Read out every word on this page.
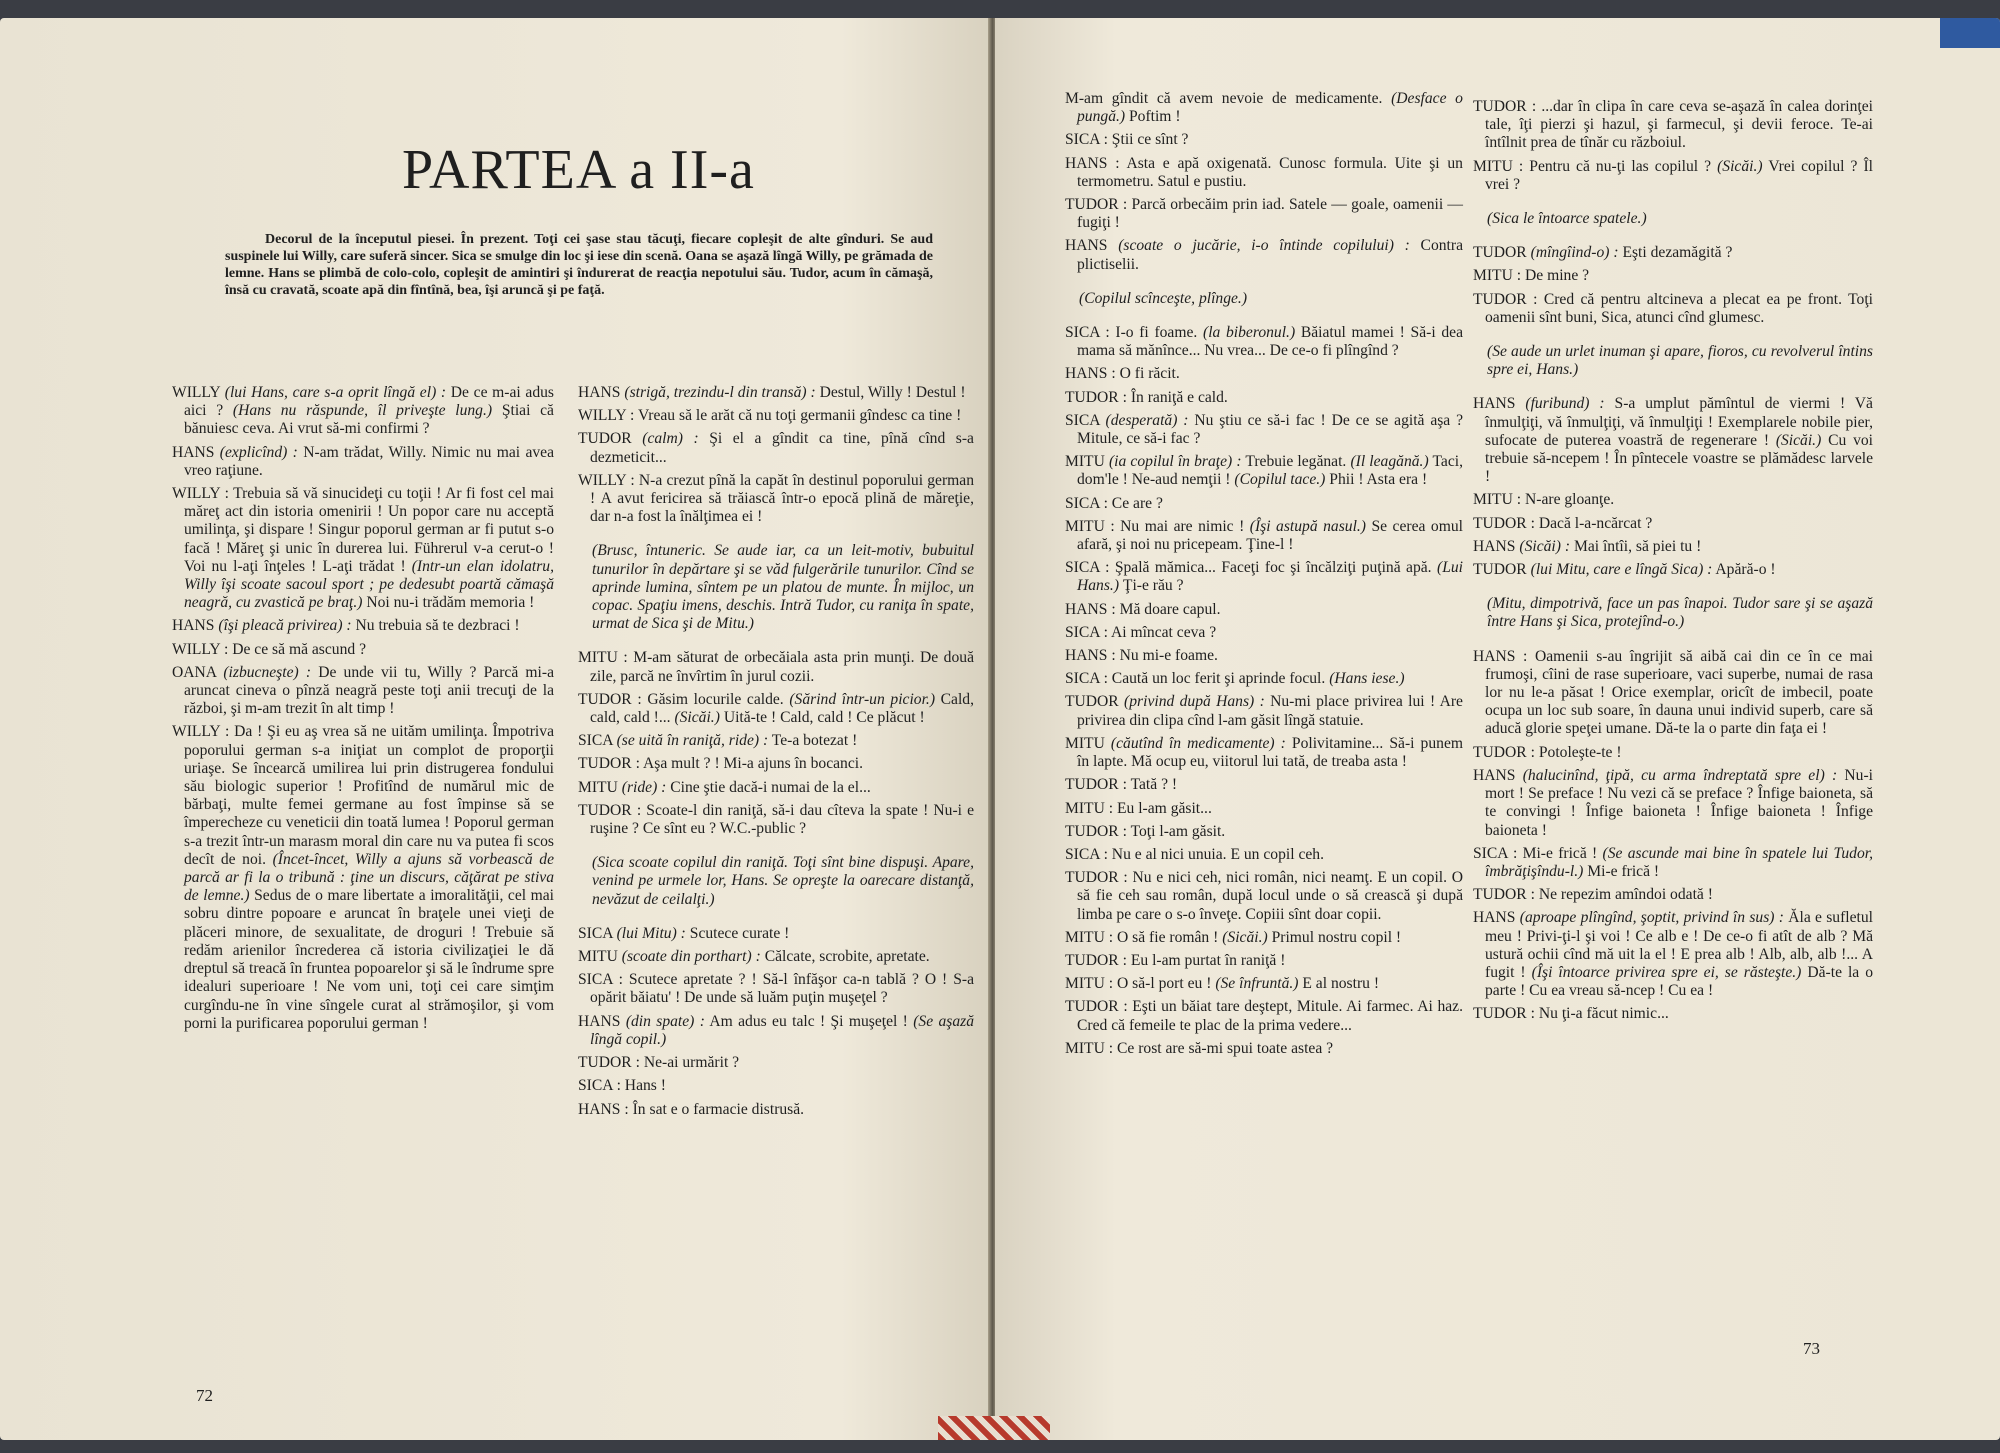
PARTEA a II-a

Decorul de la începutul piesei. În prezent. Toţi cei şase stau tăcuţi, fiecare copleşit de alte gînduri. Se aud suspinele lui Willy, care suferă sincer. Sica se smulge din loc şi iese din scenă. Oana se aşază lîngă Willy, pe grămada de lemne. Hans se plimbă de colo-colo, copleşit de amintiri şi îndurerat de reacţia nepotului său. Tudor, acum în cămaşă, însă cu cravată, scoate apă din fîntînă, bea, îşi aruncă şi pe faţă.

WILLY (lui Hans, care s-a oprit lîngă el) : De ce m-ai adus aici ? (Hans nu răspunde, îl priveşte lung.) Ştiai că bănuiesc ceva. Ai vrut să-mi confirmi ?

HANS (explicînd) : N-am trădat, Willy. Nimic nu mai avea vreo raţiune.

WILLY : Trebuia să vă sinucideţi cu toţii ! Ar fi fost cel mai măreţ act din istoria omenirii ! Un popor care nu acceptă umilinţa, şi dispare ! Singur poporul german ar fi putut s-o facă ! Măreţ şi unic în durerea lui. Führerul v-a cerut-o ! Voi nu l-aţi înţeles ! L-aţi trădat ! (Intr-un elan idolatru, Willy îşi scoate sacoul sport ; pe dedesubt poartă cămaşă neagră, cu zvastică pe braţ.) Noi nu-i trădăm memoria !

HANS (îşi pleacă privirea) : Nu trebuia să te dezbraci !

WILLY : De ce să mă ascund ?

OANA (izbucneşte) : De unde vii tu, Willy ? Parcă mi-a aruncat cineva o pînză neagră peste toţi anii trecuţi de la război, şi m-am trezit în alt timp !

WILLY : Da ! Şi eu aş vrea să ne uităm umilinţa. Împotriva poporului german s-a iniţiat un complot de proporţii uriaşe. Se încearcă umilirea lui prin distrugerea fondului său biologic superior ! Profitînd de numărul mic de bărbaţi, multe femei germane au fost împinse să se împerecheze cu veneticii din toată lumea ! Poporul german s-a trezit într-un marasm moral din care nu va putea fi scos decît de noi. (Încet-încet, Willy a ajuns să vorbească de parcă ar fi la o tribună : ţine un discurs, căţărat pe stiva de lemne.) Sedus de o mare libertate a imoralităţii, cel mai sobru dintre popoare e aruncat în braţele unei vieţi de plăceri minore, de sexualitate, de droguri ! Trebuie să redăm arienilor încrederea că istoria civilizaţiei le dă dreptul să treacă în fruntea popoarelor şi să le îndrume spre idealuri superioare ! Ne vom uni, toţi cei care simţim curgîndu-ne în vine sîngele curat al strămoşilor, şi vom porni la purificarea poporului german !

HANS (strigă, trezindu-l din transă) : Destul, Willy ! Destul !

WILLY : Vreau să le arăt că nu toţi germanii gîndesc ca tine !

TUDOR (calm) : Şi el a gîndit ca tine, pînă cînd s-a dezmeticit...

WILLY : N-a crezut pînă la capăt în destinul poporului german ! A avut fericirea să trăiască într-o epocă plină de măreţie, dar n-a fost la înălţimea ei !

(Brusc, întuneric. Se aude iar, ca un leit-motiv, bubuitul tunurilor în depărtare şi se văd fulgerările tunurilor. Cînd se aprinde lumina, sîntem pe un platou de munte. În mijloc, un copac. Spaţiu imens, deschis. Intră Tudor, cu raniţa în spate, urmat de Sica şi de Mitu.)

MITU : M-am săturat de orbecăiala asta prin munţi. De două zile, parcă ne învîrtim în jurul cozii.

TUDOR : Găsim locurile calde. (Sărind într-un picior.) Cald, cald, cald !... (Sicăi.) Uită-te ! Cald, cald ! Ce plăcut !

SICA (se uită în raniţă, ride) : Te-a botezat !

TUDOR : Aşa mult ? ! Mi-a ajuns în bocanci.

MITU (ride) : Cine ştie dacă-i numai de la el...

TUDOR : Scoate-l din raniţă, să-i dau cîteva la spate ! Nu-i e ruşine ? Ce sînt eu ? W.C.-public ?

(Sica scoate copilul din raniţă. Toţi sînt bine dispuşi. Apare, venind pe urmele lor, Hans. Se opreşte la oarecare distanţă, nevăzut de ceilalţi.)

SICA (lui Mitu) : Scutece curate !

MITU (scoate din porthart) : Călcate, scrobite, apretate.

SICA : Scutece apretate ? ! Să-l înfăşor ca-n tablă ? O ! S-a opărit băiatu' ! De unde să luăm puţin muşeţel ?

HANS (din spate) : Am adus eu talc ! Şi muşeţel ! (Se aşază lîngă copil.)

TUDOR : Ne-ai urmărit ?

SICA : Hans !

HANS : În sat e o farmacie distrusă.

72

M-am gîndit că avem nevoie de medicamente. (Desface o pungă.) Poftim !

SICA : Ştii ce sînt ?

HANS : Asta e apă oxigenată. Cunosc formula. Uite şi un termometru. Satul e pustiu.

TUDOR : Parcă orbecăim prin iad. Satele — goale, oamenii — fugiţi !

HANS (scoate o jucărie, i-o întinde copilului) : Contra plictiselii.

(Copilul scînceşte, plînge.)

SICA : I-o fi foame. (la biberonul.) Băiatul mamei ! Să-i dea mama să mănînce... Nu vrea... De ce-o fi plîngînd ?

HANS : O fi răcit.

TUDOR : În raniţă e cald.

SICA (desperată) : Nu ştiu ce să-i fac ! De ce se agită aşa ? Mitule, ce să-i fac ?

MITU (ia copilul în braţe) : Trebuie legănat. (Il leagănă.) Taci, dom'le ! Ne-aud nemţii ! (Copilul tace.) Phii ! Asta era !

SICA : Ce are ?

MITU : Nu mai are nimic ! (Îşi astupă nasul.) Se cerea omul afară, şi noi nu pricepeam. Ţine-l !

SICA : Şpală mămica... Faceţi foc şi încălziţi puţină apă. (Lui Hans.) Ţi-e rău ?

HANS : Mă doare capul.

SICA : Ai mîncat ceva ?

HANS : Nu mi-e foame.

SICA : Caută un loc ferit şi aprinde focul. (Hans iese.)

TUDOR (privind după Hans) : Nu-mi place privirea lui ! Are privirea din clipa cînd l-am găsit lîngă statuie.

MITU (căutînd în medicamente) : Polivitamine... Să-i punem în lapte. Mă ocup eu, viitorul lui tată, de treaba asta !

TUDOR : Tată ? !

MITU : Eu l-am găsit...

TUDOR : Toţi l-am găsit.

SICA : Nu e al nici unuia. E un copil ceh.

TUDOR : Nu e nici ceh, nici român, nici neamţ. E un copil. O să fie ceh sau român, după locul unde o să crească şi după limba pe care o s-o înveţe. Copiii sînt doar copii.

MITU : O să fie român ! (Sicăi.) Primul nostru copil !

TUDOR : Eu l-am purtat în raniţă !

MITU : O să-l port eu ! (Se înfruntă.) E al nostru !

TUDOR : Eşti un băiat tare deştept, Mitule. Ai farmec. Ai haz. Cred că femeile te plac de la prima vedere...

MITU : Ce rost are să-mi spui toate astea ?

TUDOR : ...dar în clipa în care ceva se-aşază în calea dorinţei tale, îţi pierzi şi hazul, şi farmecul, şi devii feroce. Te-ai întîlnit prea de tînăr cu războiul.

MITU : Pentru că nu-ţi las copilul ? (Sicăi.) Vrei copilul ? Îl vrei ?

(Sica le întoarce spatele.)

TUDOR (mîngîind-o) : Eşti dezamăgită ?

MITU : De mine ?

TUDOR : Cred că pentru altcineva a plecat ea pe front. Toţi oamenii sînt buni, Sica, atunci cînd glumesc.

(Se aude un urlet inuman şi apare, fioros, cu revolverul întins spre ei, Hans.)

HANS (furibund) : S-a umplut pămîntul de viermi ! Vă înmulţiţi, vă înmulţiţi, vă înmulţiţi ! Exemplarele nobile pier, sufocate de puterea voastră de regenerare ! (Sicăi.) Cu voi trebuie să-ncepem ! În pîntecele voastre se plămădesc larvele !

MITU : N-are gloanţe.

TUDOR : Dacă l-a-ncărcat ?

HANS (Sicăi) : Mai întîi, să piei tu !

TUDOR (lui Mitu, care e lîngă Sica) : Apără-o !

(Mitu, dimpotrivă, face un pas înapoi. Tudor sare şi se aşază între Hans şi Sica, protejînd-o.)

HANS : Oamenii s-au îngrijit să aibă cai din ce în ce mai frumoşi, cîini de rase superioare, vaci superbe, numai de rasa lor nu le-a păsat ! Orice exemplar, oricît de imbecil, poate ocupa un loc sub soare, în dauna unui individ superb, care să aducă glorie speţei umane. Dă-te la o parte din faţa ei !

TUDOR : Potoleşte-te !

HANS (halucinînd, ţipă, cu arma îndreptată spre el) : Nu-i mort ! Se preface ! Nu vezi că se preface ? Înfige baioneta, să te convingi ! Înfige baioneta ! Înfige baioneta ! Înfige baioneta !

SICA : Mi-e frică ! (Se ascunde mai bine în spatele lui Tudor, îmbrăţişîndu-l.) Mi-e frică !

TUDOR : Ne repezim amîndoi odată !

HANS (aproape plîngînd, şoptit, privind în sus) : Ăla e sufletul meu ! Privi-ţi-l şi voi ! Ce alb e ! De ce-o fi atît de alb ? Mă ustură ochii cînd mă uit la el ! E prea alb ! Alb, alb, alb !... A fugit ! (Îşi întoarce privirea spre ei, se răsteşte.) Dă-te la o parte ! Cu ea vreau să-ncep ! Cu ea !

TUDOR : Nu ţi-a făcut nimic...

73
